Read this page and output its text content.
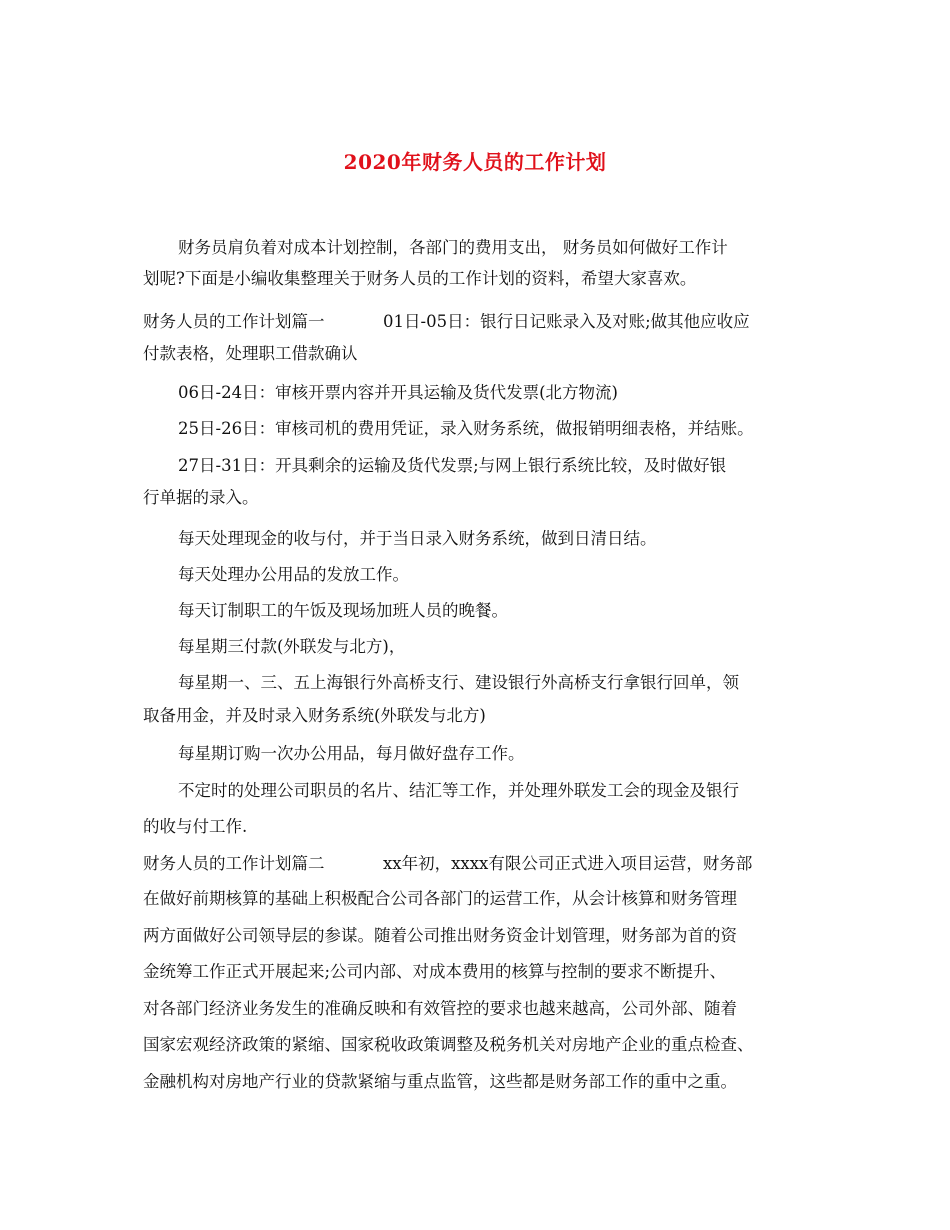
2020年财务人员的工作计划
财务员肩负着对成本计划控制，各部门的费用支出， 财务员如何做好工作计
划呢?下面是小编收集整理关于财务人员的工作计划的资料，希望大家喜欢。
财务人员的工作计划篇一	01日-05日：银行日记账录入及对账;做其他应收应
付款表格，处理职工借款确认
06日-24日：审核开票内容并开具运输及货代发票(北方物流)
25日-26日：审核司机的费用凭证，录入财务系统，做报销明细表格，并结账。
27日-31日：开具剩余的运输及货代发票;与网上银行系统比较，及时做好银
行单据的录入。
每天处理现金的收与付，并于当日录入财务系统，做到日清日结。
每天处理办公用品的发放工作。
每天订制职工的午饭及现场加班人员的晚餐。
每星期三付款(外联发与北方)，
每星期一、三、五上海银行外高桥支行、建设银行外高桥支行拿银行回单，领
取备用金，并及时录入财务系统(外联发与北方)
每星期订购一次办公用品，每月做好盘存工作。
不定时的处理公司职员的名片、结汇等工作，并处理外联发工会的现金及银行
的收与付工作.
财务人员的工作计划篇二	xx年初，xxxx有限公司正式进入项目运营，财务部
在做好前期核算的基础上积极配合公司各部门的运营工作，从会计核算和财务管理
两方面做好公司领导层的参谋。随着公司推出财务资金计划管理，财务部为首的资
金统筹工作正式开展起来;公司内部、对成本费用的核算与控制的要求不断提升、
对各部门经济业务发生的准确反映和有效管控的要求也越来越高，公司外部、随着
国家宏观经济政策的紧缩、国家税收政策调整及税务机关对房地产企业的重点检查、
金融机构对房地产行业的贷款紧缩与重点监管，这些都是财务部工作的重中之重。
